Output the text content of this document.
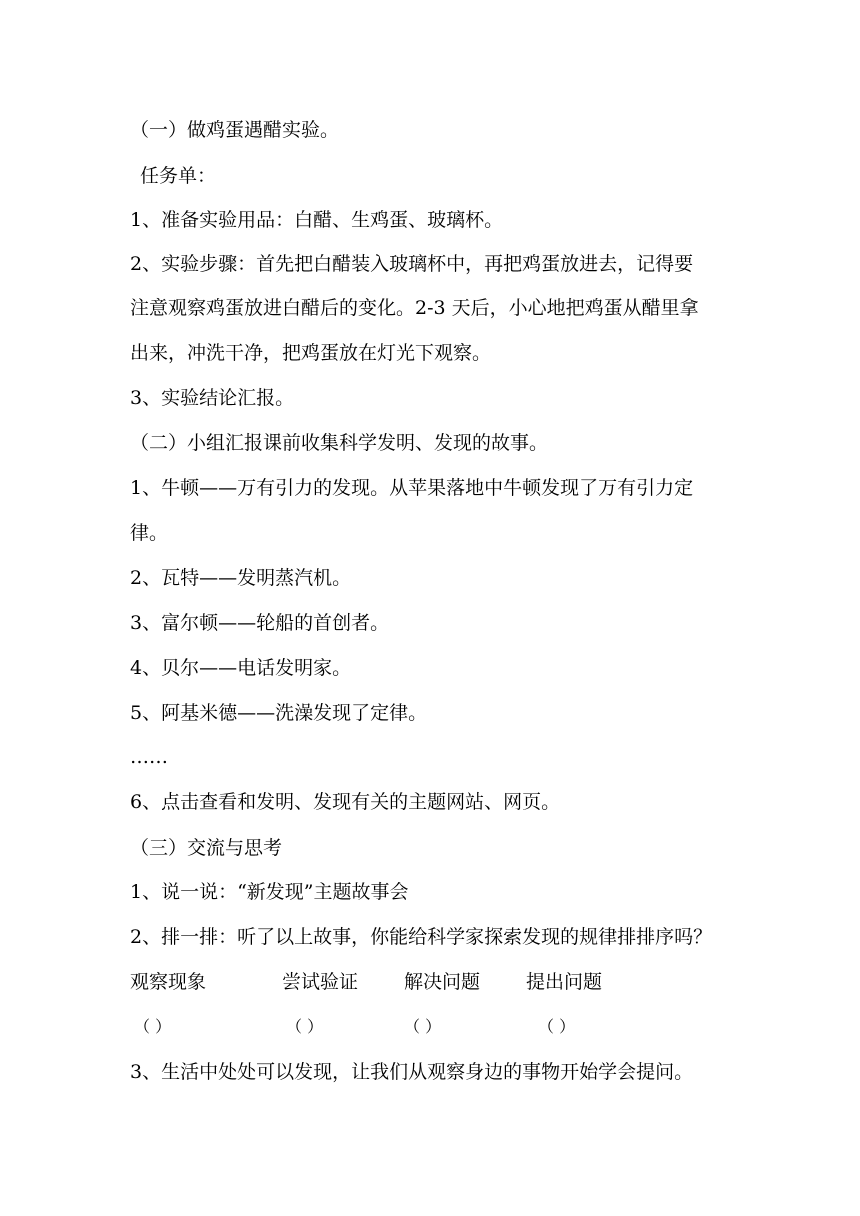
（一）做鸡蛋遇醋实验。

任务单：

1、准备实验用品：白醋、生鸡蛋、玻璃杯。

2、实验步骤：首先把白醋装入玻璃杯中，再把鸡蛋放进去，记得要

注意观察鸡蛋放进白醋后的变化。2-3 天后，小心地把鸡蛋从醋里拿

出来，冲洗干净，把鸡蛋放在灯光下观察。

3、实验结论汇报。

（二）小组汇报课前收集科学发明、发现的故事。

1、牛顿——万有引力的发现。从苹果落地中牛顿发现了万有引力定

律。

2、瓦特——发明蒸汽机。

3、富尔顿——轮船的首创者。

4、贝尔——电话发明家。

5、阿基米德——洗澡发现了定律。

……

6、点击查看和发明、发现有关的主题网站、网页。

（三）交流与思考

1、说一说：“新发现”主题故事会

2、排一排：听了以上故事，你能给科学家探索发现的规律排排序吗？

观察现象	尝试验证 解决问题 提出问题
（ ）	（ ）	（ ）	（ ）

3、生活中处处可以发现，让我们从观察身边的事物开始学会提问。
